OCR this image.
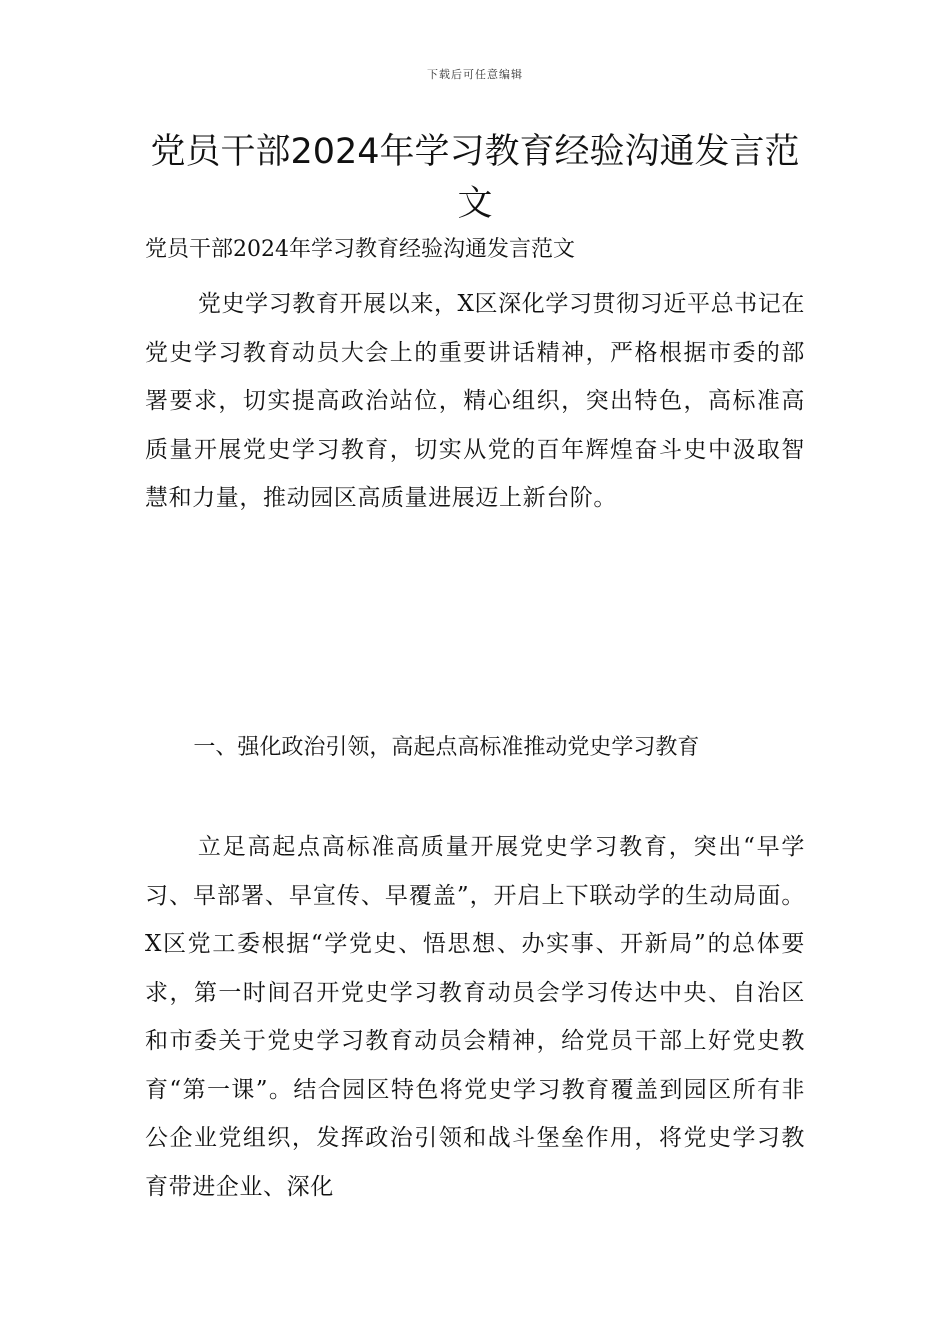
下载后可任意编辑
党员干部2024年学习教育经验沟通发言范文

党员干部2024年学习教育经验沟通发言范文

党史学习教育开展以来，X区深化学习贯彻习近平总书记在党史学习教育动员大会上的重要讲话精神，严格根据市委的部署要求，切实提高政治站位，精心组织，突出特色，高标准高质量开展党史学习教育，切实从党的百年辉煌奋斗史中汲取智慧和力量，推动园区高质量进展迈上新台阶。

一、强化政治引领，高起点高标准推动党史学习教育

立足高起点高标准高质量开展党史学习教育，突出“早学习、早部署、早宣传、早覆盖”，开启上下联动学的生动局面。X区党工委根据“学党史、悟思想、办实事、开新局”的总体要求，第一时间召开党史学习教育动员会学习传达中央、自治区和市委关于党史学习教育动员会精神，给党员干部上好党史教育“第一课”。结合园区特色将党史学习教育覆盖到园区所有非公企业党组织，发挥政治引领和战斗堡垒作用，将党史学习教育带进企业、深化
